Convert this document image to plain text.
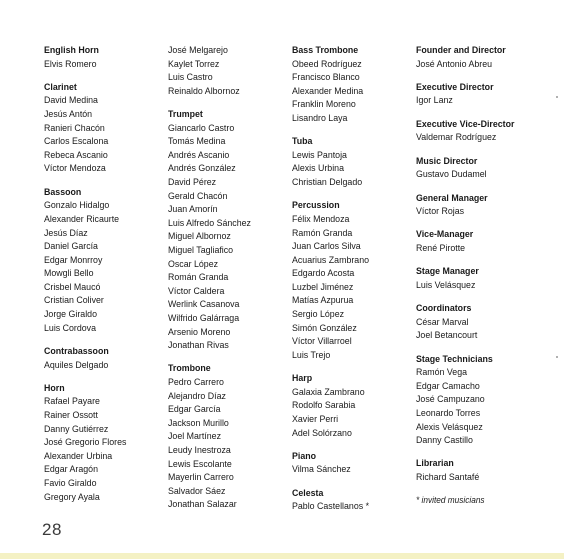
English Horn
Elvis Romero
Clarinet
David Medina
Jesús Antón
Ranieri Chacón
Carlos Escalona
Rebeca Ascanio
Víctor Mendoza
Bassoon
Gonzalo Hidalgo
Alexander Ricaurte
Jesús Díaz
Daniel García
Edgar Monrroy
Mowgli Bello
Crisbel Maucó
Cristian Coliver
Jorge Giraldo
Luis Cordova
Contrabassoon
Aquiles Delgado
Horn
Rafael Payare
Rainer Ossott
Danny Gutiérrez
José Gregorio Flores
Alexander Urbina
Edgar Aragón
Favio Giraldo
Gregory Ayala
José Melgarejo
Kaylet Torrez
Luis Castro
Reinaldo Albornoz
Trumpet
Giancarlo Castro
Tomás Medina
Andrés Ascanio
Andrés González
David Pérez
Gerald Chacón
Juan Amorín
Luis Alfredo Sánchez
Miguel Albornoz
Miguel Tagliafico
Oscar López
Román Granda
Víctor Caldera
Werlink Casanova
Wilfrido Galárraga
Arsenio Moreno
Jonathan Rivas
Trombone
Pedro Carrero
Alejandro Díaz
Edgar García
Jackson Murillo
Joel Martínez
Leudy Inestroza
Lewis Escolante
Mayerlin Carrero
Salvador Sáez
Jonathan Salazar
Bass Trombone
Obeed Rodríguez
Francisco Blanco
Alexander Medina
Franklin Moreno
Lisandro Laya
Tuba
Lewis Pantoja
Alexis Urbina
Christian Delgado
Percussion
Félix Mendoza
Ramón Granda
Juan Carlos Silva
Acuarius Zambrano
Edgardo Acosta
Luzbel Jiménez
Matías Azpurua
Sergio López
Simón González
Víctor Villarroel
Luis Trejo
Harp
Galaxia Zambrano
Rodolfo Sarabia
Xavier Perri
Adel Solórzano
Piano
Vilma Sánchez
Celesta
Pablo Castellanos *
Founder and Director
José Antonio Abreu
Executive Director
Igor Lanz
Executive Vice-Director
Valdemar Rodríguez
Music Director
Gustavo Dudamel
General Manager
Víctor Rojas
Vice-Manager
René Pirotte
Stage Manager
Luis Velásquez
Coordinators
César Marval
Joel Betancourt
Stage Technicians
Ramón Vega
Edgar Camacho
José Campuzano
Leonardo Torres
Alexis Velásquez
Danny Castillo
Librarian
Richard Santafé
* invited musicians
28
